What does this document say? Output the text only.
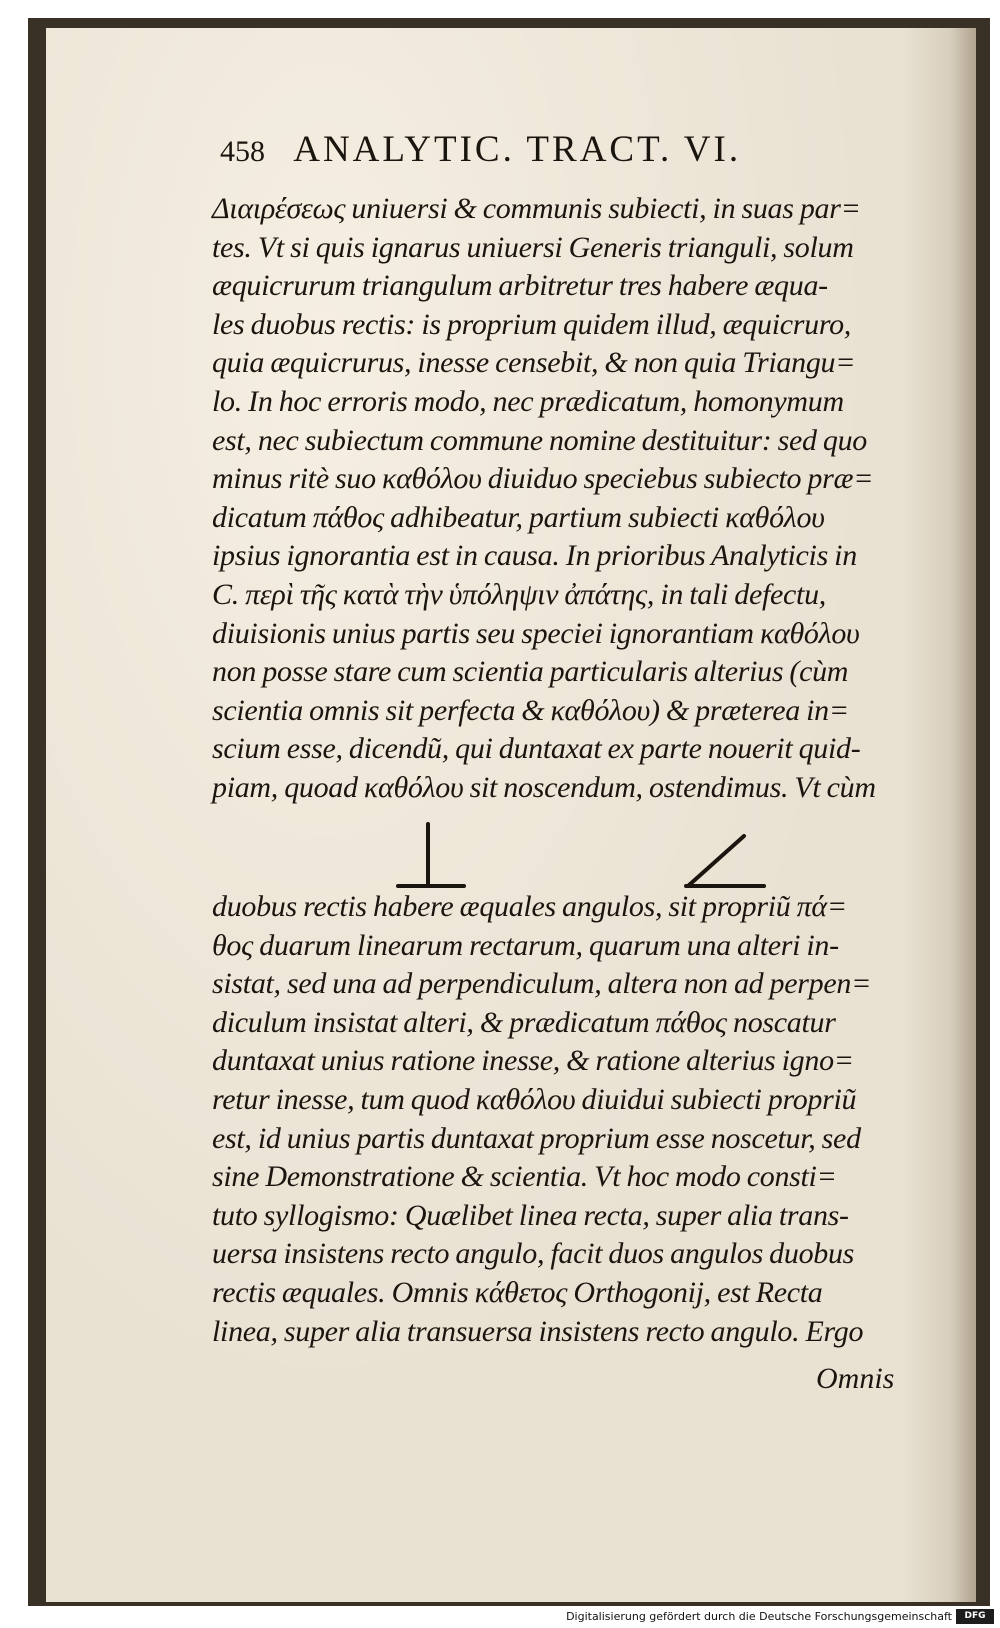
458 ANALYTIC. TRACT. VI.
Διαιρέσεως uniuersi & communis subiecti, in suas par=
tes. Vt si quis ignarus uniuersi Generis trianguli, solum
æquicrurum triangulum arbitretur tres habere æqua-
les duobus rectis: is proprium quidem illud, æquicruro,
quia æquicrurus, inesse censebit, & non quia Triangu=
lo. In hoc erroris modo, nec prædicatum, homonymum
est, nec subiectum commune nomine destituitur: sed quo
minus ritè suo καθόλου diuiduo speciebus subiecto præ=
dicatum πάθος adhibeatur, partium subiecti καθόλου
ipsius ignorantia est in causa. In prioribus Analyticis in
C. περὶ τῆς κατὰ τὴν ὑπόληψιν ἀπάτης, in tali defectu,
diuisionis unius partis seu speciei ignorantiam καθόλου
non posse stare cum scientia particularis alterius (cùm
scientia omnis sit perfecta & καθόλου) & præterea in=
scium esse, dicendũ, qui duntaxat ex parte nouerit quid-
piam, quoad καθόλου sit noscendum, ostendimus. Vt cùm
duobus rectis habere æquales angulos, sit propriũ πά=
θος duarum linearum rectarum, quarum una alteri in-
sistat, sed una ad perpendiculum, altera non ad perpen=
diculum insistat alteri, & prædicatum πάθος noscatur
duntaxat unius ratione inesse, & ratione alterius igno=
retur inesse, tum quod καθόλου diuidui subiecti propriũ
est, id unius partis duntaxat proprium esse noscetur, sed
sine Demonstratione & scientia. Vt hoc modo consti=
tuto syllogismo: Quælibet linea recta, super alia trans-
uersa insistens recto angulo, facit duos angulos duobus
rectis æquales. Omnis κάθετος Orthogonij, est Recta
linea, super alia transuersa insistens recto angulo. Ergo
Omnis
Digitalisierung gefördert durch die Deutsche Forschungsgemeinschaft	DFG
